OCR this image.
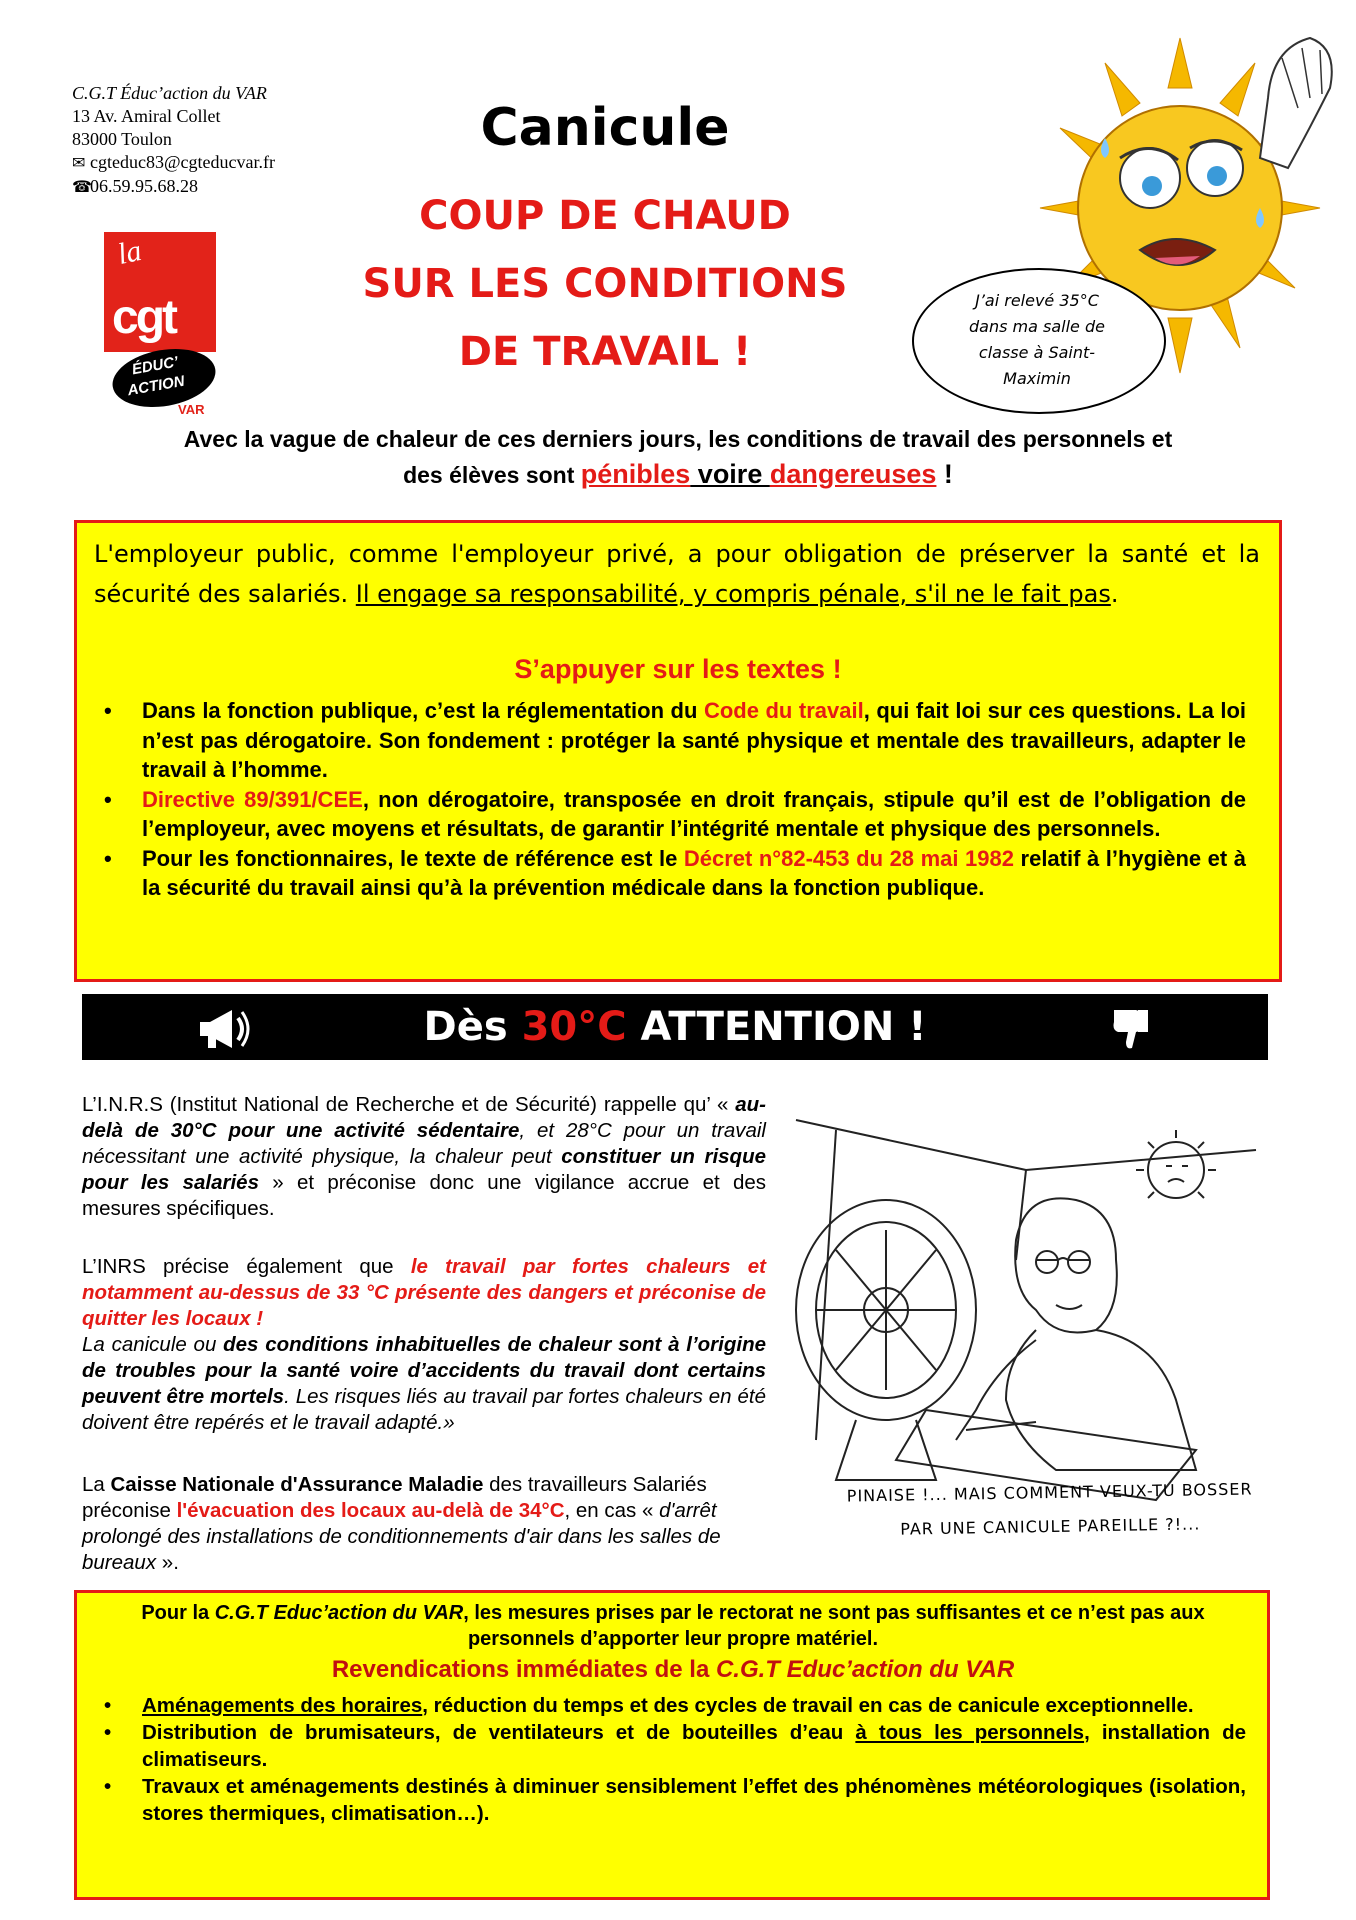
C.G.T Éduc’action du VAR
13 Av. Amiral Collet
83000 Toulon
✉ cgteduc83@cgteducvar.fr
☎06.59.95.68.28
la
cgt
ÉDUC’
ACTION
VAR
Canicule
COUP DE CHAUD
SUR LES CONDITIONS
DE TRAVAIL !
J’ai relevé 35°C
dans ma salle de
classe à Saint-
Maximin
Avec la vague de chaleur de ces derniers jours, les conditions de travail des personnels et
des élèves sont pénibles voire dangereuses !
L'employeur public, comme l'employeur privé, a pour obligation de préserver la santé et la sécurité des salariés. Il engage sa responsabilité, y compris pénale, s'il ne le fait pas.
S’appuyer sur les textes !
• Dans la fonction publique, c’est la réglementation du Code du travail, qui fait loi sur ces questions. La loi n’est pas dérogatoire. Son fondement : protéger la santé physique et mentale des travailleurs, adapter le travail à l’homme.
• Directive 89/391/CEE, non dérogatoire, transposée en droit français, stipule qu’il est de l’obligation de l’employeur, avec moyens et résultats, de garantir l’intégrité mentale et physique des personnels.
• Pour les fonctionnaires, le texte de référence est le Décret n°82-453 du 28 mai 1982 relatif à l’hygiène et à la sécurité du travail ainsi qu’à la prévention médicale dans la fonction publique.
Dès 30°C ATTENTION !
L’I.N.R.S (Institut National de Recherche et de Sécurité) rappelle qu’ « au-delà de 30°C pour une activité sédentaire, et 28°C pour un travail nécessitant une activité physique, la chaleur peut constituer un risque pour les salariés » et préconise donc une vigilance accrue et des mesures spécifiques.
L’INRS précise également que le travail par fortes chaleurs et notamment au-dessus de 33 °C présente des dangers et préconise de quitter les locaux !
La canicule ou des conditions inhabituelles de chaleur sont à l’origine de troubles pour la santé voire d’accidents du travail dont certains peuvent être mortels. Les risques liés au travail par fortes chaleurs en été doivent être repérés et le travail adapté.»
La Caisse Nationale d'Assurance Maladie des travailleurs Salariés préconise l'évacuation des locaux au-delà de 34°C, en cas « d'arrêt prolongé des installations de conditionnements d'air dans les salles de bureaux ».
PINAISE !... MAIS COMMENT VEUX-TU BOSSER
PAR UNE CANICULE PAREILLE ?!...
Pour la C.G.T Educ’action du VAR, les mesures prises par le rectorat ne sont pas suffisantes et ce n’est pas aux personnels d’apporter leur propre matériel.
Revendications immédiates de la C.G.T Educ’action du VAR
• Aménagements des horaires, réduction du temps et des cycles de travail en cas de canicule exceptionnelle.
• Distribution de brumisateurs, de ventilateurs et de bouteilles d’eau à tous les personnels, installation de climatiseurs.
• Travaux et aménagements destinés à diminuer sensiblement l’effet des phénomènes météorologiques (isolation, stores thermiques, climatisation…).
